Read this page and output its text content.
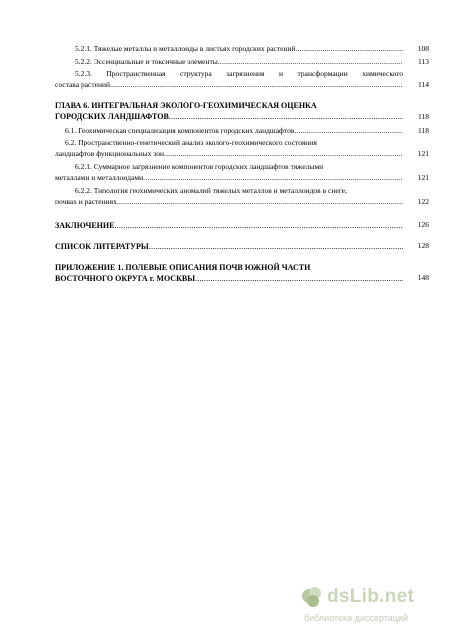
5.2.1. Тяжелые металлы и металлоиды в листьях городских растений .....	108
5.2.2. Эссенциальные и токсичные элементы .....	113
5.2.3. Пространственная структура загрязнения и трансформации химического
состава растений .....	114
ГЛАВА 6. ИНТЕГРАЛЬНАЯ ЭКОЛОГО-ГЕОХИМИЧЕСКАЯ ОЦЕНКА
ГОРОДСКИХ ЛАНДШАФТОВ .....	118
6.1. Геохимическая специализация компонентов городских ландшафтов .....	118
6.2. Пространственно-генетический анализ эколого-геохимического состояния
ландшафтов функциональных зон .....	121
6.2.1. Суммарное загрязнение компонентов городских ландшафтов тяжелыми
металлами и металлоидами .....	121
6.2.2. Типология геохимических аномалий тяжелых металлов и металлоидов в снеге,
почвах и растениях .....	122
ЗАКЛЮЧЕНИЕ .....	126
СПИСОК ЛИТЕРАТУРЫ .....	128
ПРИЛОЖЕНИЕ 1. ПОЛЕВЫЕ ОПИСАНИЯ ПОЧВ ЮЖНОЙ ЧАСТИ
ВОСТОЧНОГО ОКРУГА г. МОСКВЫ .....	148
dsLib.net
библиотека диссертаций
